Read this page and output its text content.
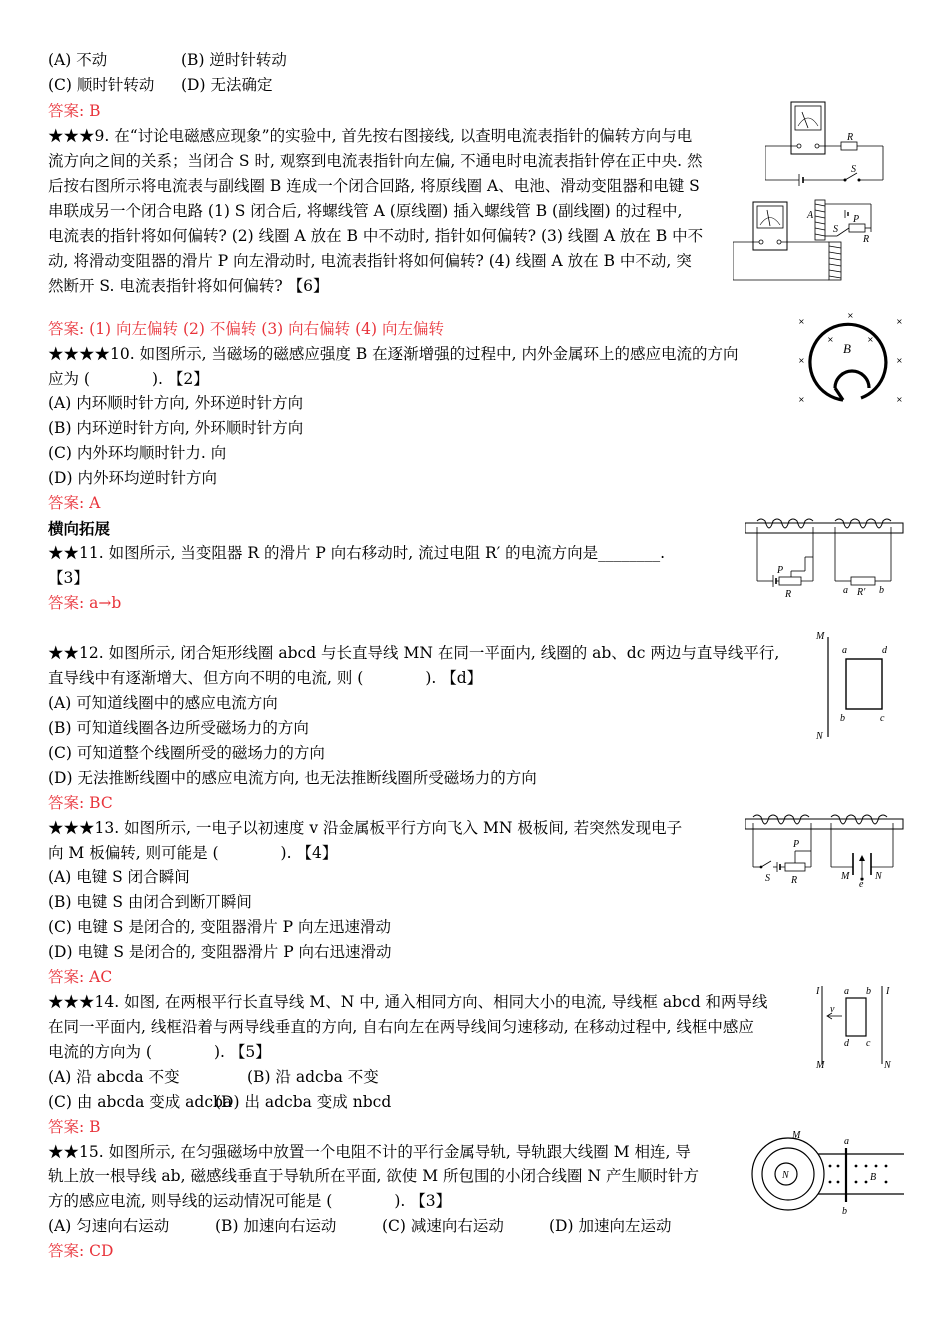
(A) 不动	(B) 逆时针转动
(C) 顺时针转动 (D) 无法确定
答案: B
★★★9. 在“讨论电磁感应现象”的实验中, 首先按右图接线, 以查明电流表指针的偏转方向与电
流方向之间的关系；当闭合 S 时, 观察到电流表指针向左偏, 不通电时电流表指针停在正中央. 然
后按右图所示将电流表与副线圈 B 连成一个闭合回路, 将原线圈 A、电池、滑动变阻器和电键 S
串联成另一个闭合电路 (1) S 闭合后, 将螺线管 A (原线圈) 插入螺线管 B (副线圈) 的过程中,
电流表的指针将如何偏转? (2) 线圈 A 放在 B 中不动时, 指针如何偏转? (3) 线圈 A 放在 B 中不
动, 将滑动变阻器的滑片 P 向左滑动时, 电流表指针将如何偏转? (4) 线圈 A 放在 B 中不动, 突
然断开 S. 电流表指针将如何偏转? 【6】
R
S
A
S
P
R
答案: (1) 向左偏转 (2) 不偏转 (3) 向右偏转 (4) 向左偏转
★★★★10. 如图所示, 当磁场的磁感应强度 B 在逐渐增强的过程中, 内外金属环上的感应电流的方向
应为 (　　　　). 【2】
(A) 内环顺时针方向, 外环逆时针方向
(B) 内环逆时针方向, 外环顺时针方向
(C) 内外环均顺时针力. 向
(D) 内外环均逆时针方向
答案: A
×	×
×	×
×	×
×
×	×
B
横向拓展
★★11. 如图所示, 当变阻器 R 的滑片 P 向右移动时, 流过电阻 R′ 的电流方向是________.
【3】
答案: a→b
P
R	a R′ b
★★12. 如图所示, 闭合矩形线圈 abcd 与长直导线 MN 在同一平面内, 线圈的 ab、dc 两边与直导线平行,
直导线中有逐渐增大、但方向不明的电流, 则 (　　　　). 【d】
(A) 可知道线圈中的感应电流方向
(B) 可知道线圈各边所受磁场力的方向
(C) 可知道整个线圈所受的磁场力的方向
(D) 无法推断线圈中的感应电流方向, 也无法推断线圈所受磁场力的方向
答案: BC
M
N
a	d
b	c
★★★13. 如图所示, 一电子以初速度 v 沿金属板平行方向飞入 MN 极板间, 若突然发现电子
向 M 板偏转, 则可能是 (　　　　). 【4】
(A) 电键 S 闭合瞬间
(B) 电键 S 由闭合到断丌瞬间
(C) 电键 S 是闭合的, 变阻器滑片 P 向左迅速滑动
(D) 电键 S 是闭合的, 变阻器滑片 P 向右迅速滑动
答案: AC
S R
P
M
e
N
★★★14. 如图, 在两根平行长直导线 M、N 中, 通入相同方向、相同大小的电流, 导线框 abcd 和两导线
在同一平面内, 线框沿着与两导线垂直的方向, 自右向左在两导线间匀速移动, 在移动过程中, 线框中感应
电流的方向为 (　　　　). 【5】
(A) 沿 abcda 不变	(B) 沿 adcba 不变
(C) 由 abcda 变成 adcba
(D) 出 adcba 变成 nbcd
答案: B
I	I
M	N
v
a b
c
d
★★15. 如图所示, 在匀强磁场中放置一个电阻不计的平行金属导轨, 导轨跟大线圈 M 相连, 导
轨上放一根导线 ab, 磁感线垂直于导轨所在平面, 欲使 M 所包围的小闭合线圈 N 产生顺时针方
方的感应电流, 则导线的运动情况可能是 (　　　　). 【3】
(A) 匀速向右运动	(B) 加速向右运动	(C) 减速向右运动	(D) 加速向左运动
答案: CD
M
N
a
b
B
